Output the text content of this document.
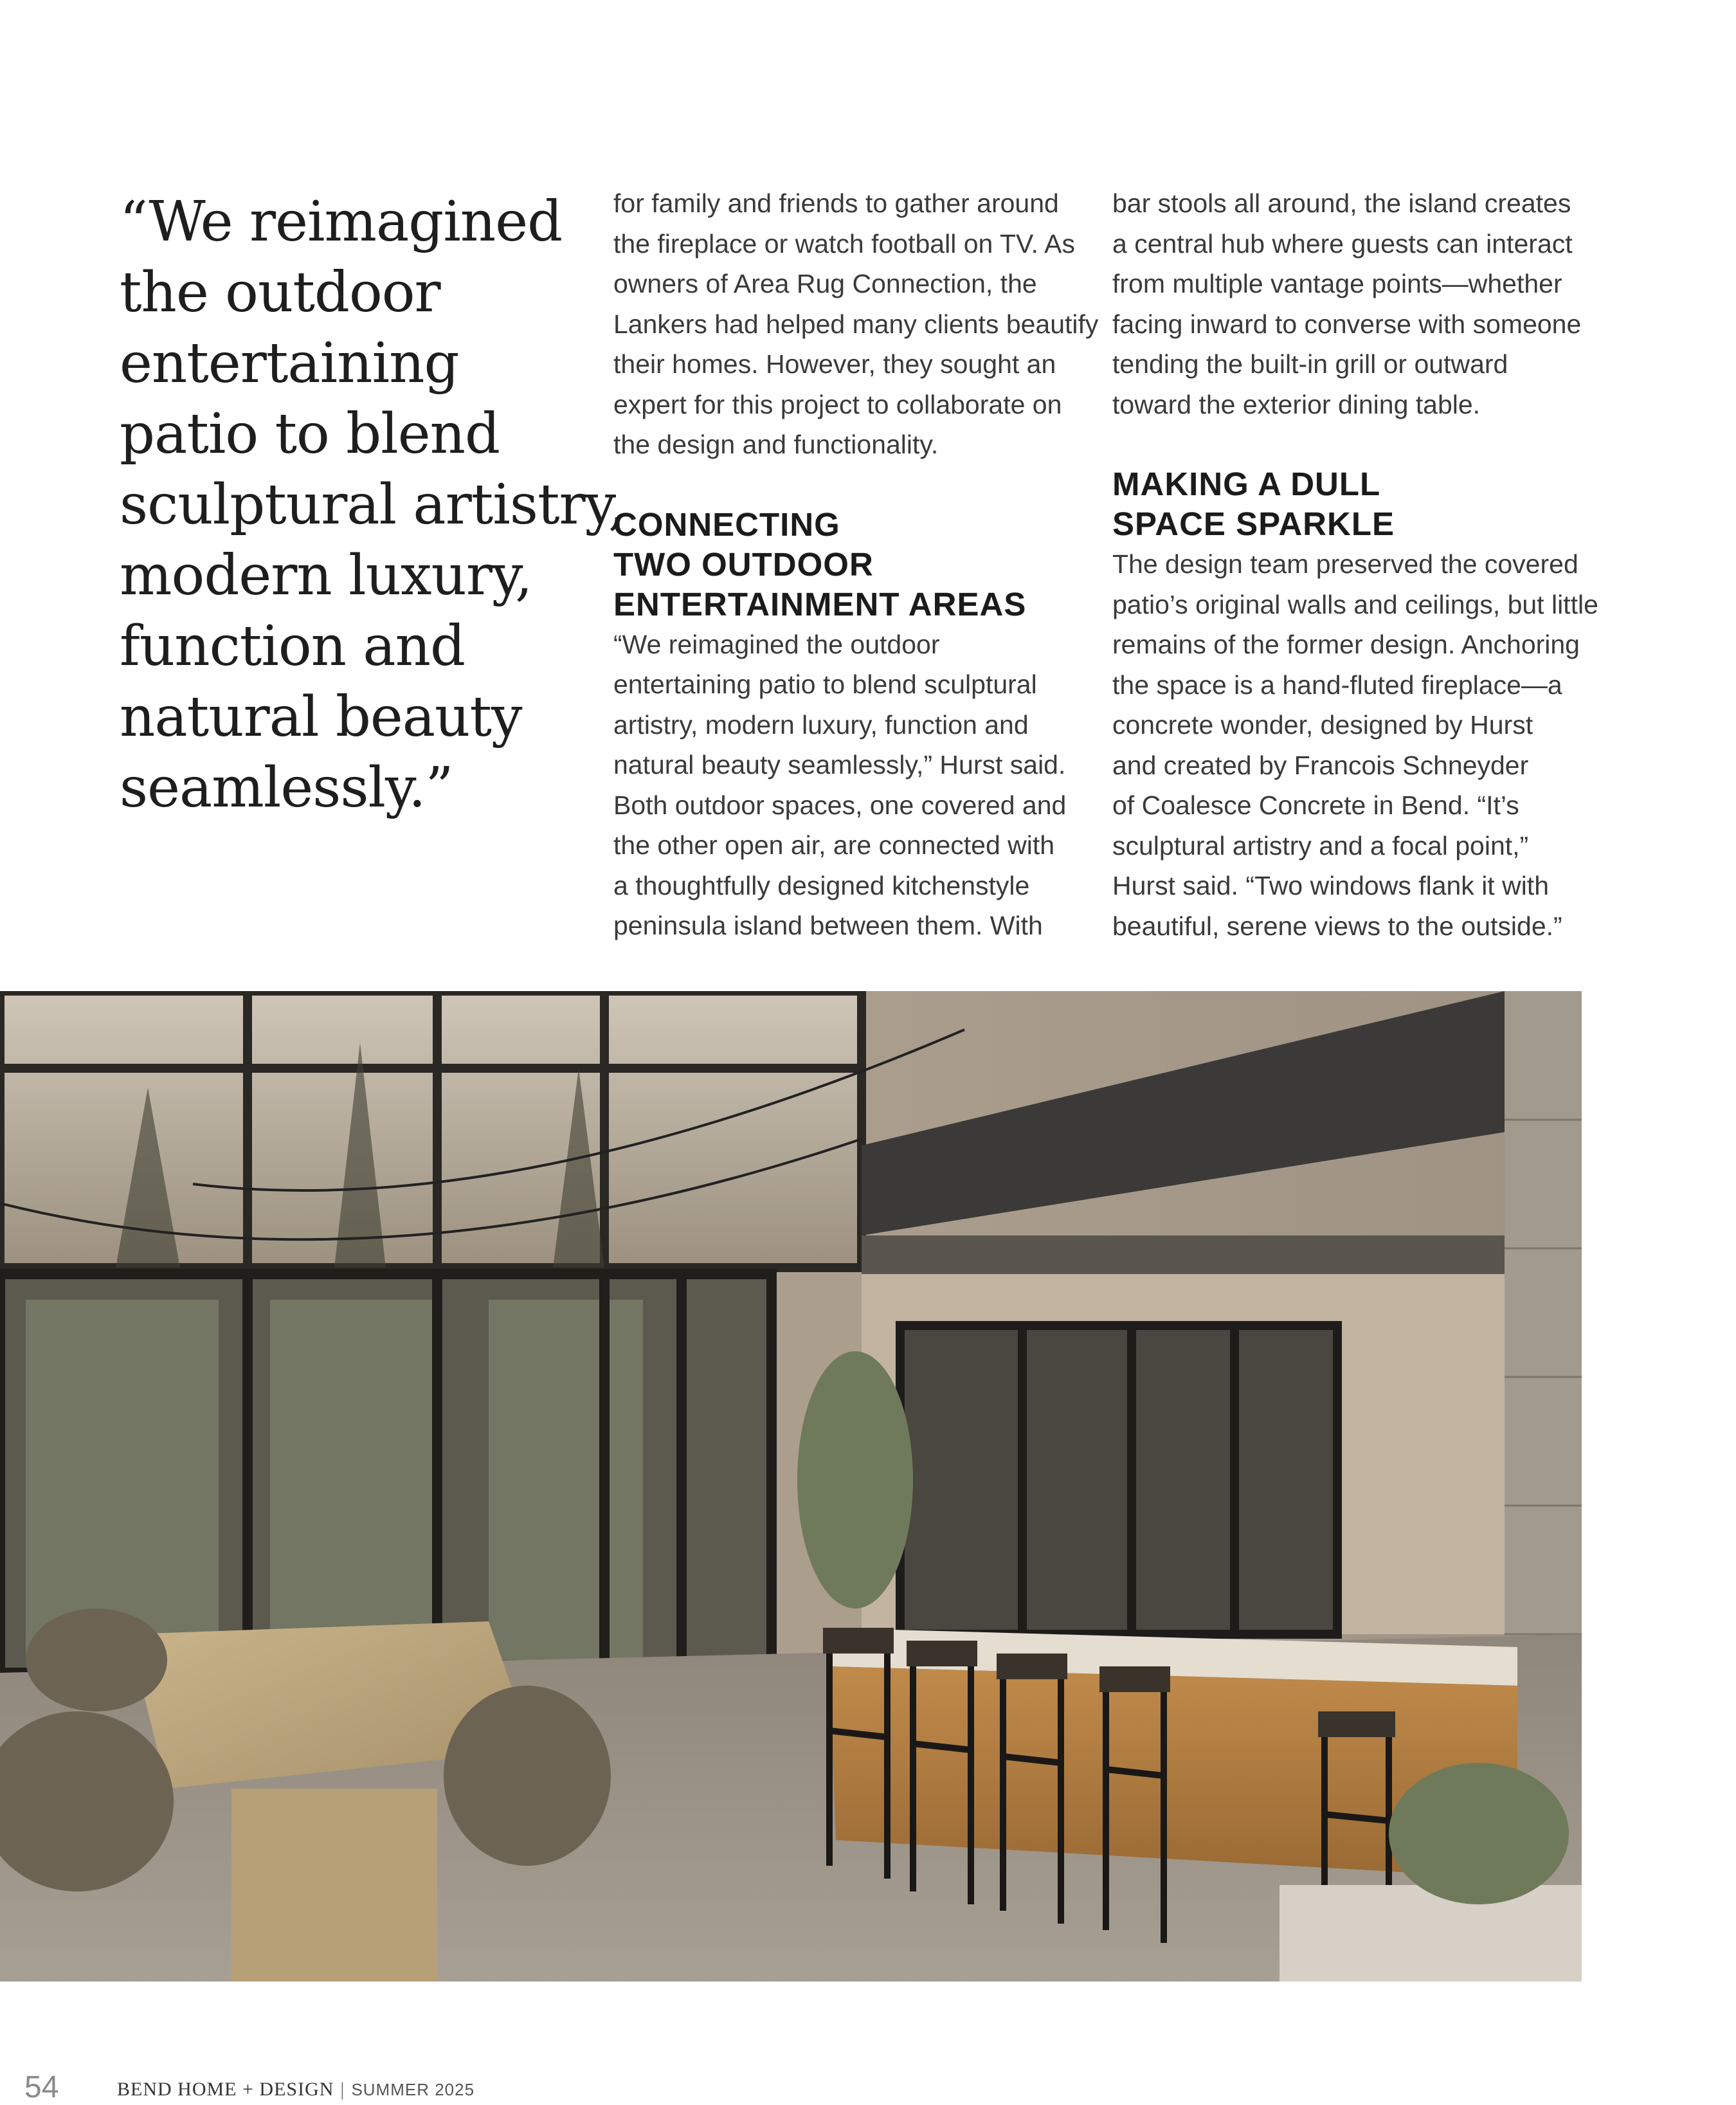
“We reimagined
the outdoor
entertaining
patio to blend
sculptural artistry,
modern luxury,
function and
natural beauty
seamlessly.”
for family and friends to gather around
the fireplace or watch football on TV. As
owners of Area Rug Connection, the
Lankers had helped many clients beautify
their homes. However, they sought an
expert for this project to collaborate on
the design and functionality.
CONNECTING
TWO OUTDOOR
ENTERTAINMENT AREAS
“We reimagined the outdoor
entertaining patio to blend sculptural
artistry, modern luxury, function and
natural beauty seamlessly,” Hurst said.
Both outdoor spaces, one covered and
the other open air, are connected with
a thoughtfully designed kitchenstyle
peninsula island between them. With
bar stools all around, the island creates
a central hub where guests can interact
from multiple vantage points—whether
facing inward to converse with someone
tending the built-in grill or outward
toward the exterior dining table.
MAKING A DULL
SPACE SPARKLE
The design team preserved the covered
patio’s original walls and ceilings, but little
remains of the former design. Anchoring
the space is a hand-fluted fireplace—a
concrete wonder, designed by Hurst
and created by Francois Schneyder
of Coalesce Concrete in Bend. “It’s
sculptural artistry and a focal point,”
Hurst said. “Two windows flank it with
beautiful, serene views to the outside.”
54	BEND HOME + DESIGN | SUMMER 2025
